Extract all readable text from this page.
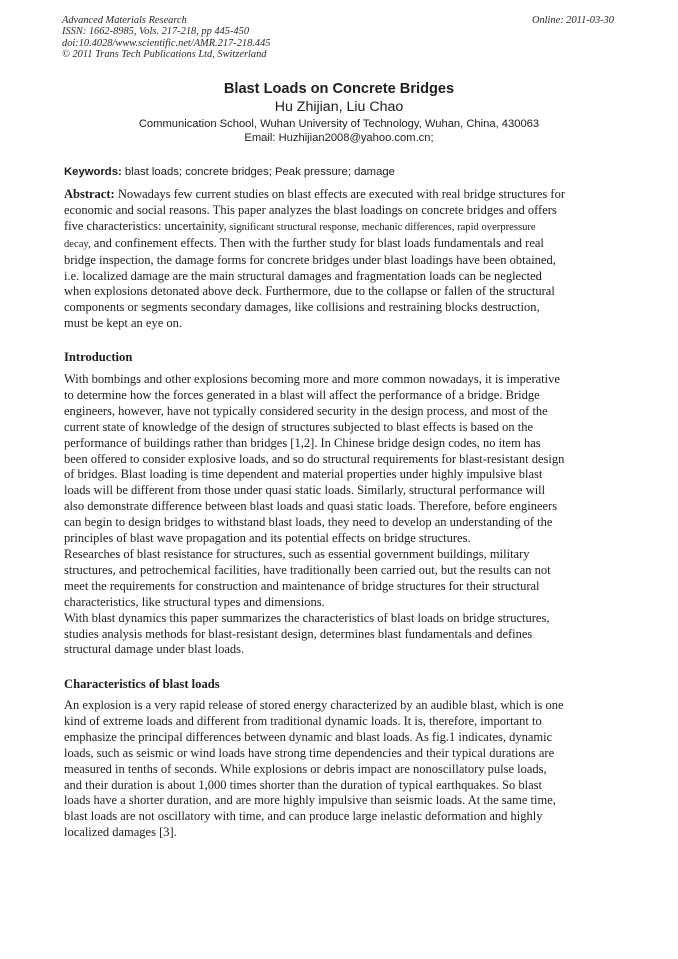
Advanced Materials Research
ISSN: 1662-8985, Vols. 217-218, pp 445-450
doi:10.4028/www.scientific.net/AMR.217-218.445
© 2011 Trans Tech Publications Ltd, Switzerland
Online: 2011-03-30
Blast Loads on Concrete Bridges
Hu Zhijian, Liu Chao
Communication School, Wuhan University of Technology, Wuhan, China, 430063
Email: Huzhijian2008@yahoo.com.cn;
Keywords: blast loads; concrete bridges; Peak pressure; damage
Abstract: Nowadays few current studies on blast effects are executed with real bridge structures for
economic and social reasons. This paper analyzes the blast loadings on concrete bridges and offers
five characteristics: uncertainity, significant structural response, mechanic differences, rapid overpressure
decay, and confinement effects. Then with the further study for blast loads fundamentals and real
bridge inspection, the damage forms for concrete bridges under blast loadings have been obtained,
i.e. localized damage are the main structural damages and fragmentation loads can be neglected
when explosions detonated above deck. Furthermore, due to the collapse or fallen of the structural
components or segments secondary damages, like collisions and restraining blocks destruction,
must be kept an eye on.
Introduction
With bombings and other explosions becoming more and more common nowadays, it is imperative
to determine how the forces generated in a blast will affect the performance of a bridge. Bridge
engineers, however, have not typically considered security in the design process, and most of the
current state of knowledge of the design of structures subjected to blast effects is based on the
performance of buildings rather than bridges [1,2]. In Chinese bridge design codes, no item has
been offered to consider explosive loads, and so do structural requirements for blast-resistant design
of bridges. Blast loading is time dependent and material properties under highly impulsive blast
loads will be different from those under quasi static loads. Similarly, structural performance will
also demonstrate difference between blast loads and quasi static loads. Therefore, before engineers
can begin to design bridges to withstand blast loads, they need to develop an understanding of the
principles of blast wave propagation and its potential effects on bridge structures.
Researches of blast resistance for structures, such as essential government buildings, military
structures, and petrochemical facilities, have traditionally been carried out, but the results can not
meet the requirements for construction and maintenance of bridge structures for their structural
characteristics, like structural types and dimensions.
With blast dynamics this paper summarizes the characteristics of blast loads on bridge structures,
studies analysis methods for blast-resistant design, determines blast fundamentals and defines
structural damage under blast loads.
Characteristics of blast loads
An explosion is a very rapid release of stored energy characterized by an audible blast, which is one
kind of extreme loads and different from traditional dynamic loads. It is, therefore, important to
emphasize the principal differences between dynamic and blast loads. As fig.1 indicates, dynamic
loads, such as seismic or wind loads have strong time dependencies and their typical durations are
measured in tenths of seconds. While explosions or debris impact are nonoscillatory pulse loads,
and their duration is about 1,000 times shorter than the duration of typical earthquakes. So blast
loads have a shorter duration, and are more highly impulsive than seismic loads. At the same time,
blast loads are not oscillatory with time, and can produce large inelastic deformation and highly
localized damages [3].
